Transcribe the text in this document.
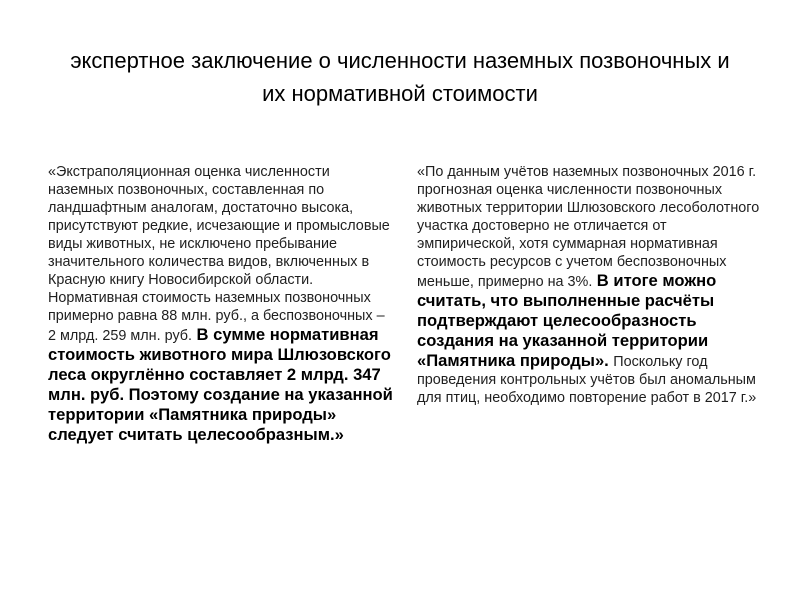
экспертное заключение о численности наземных позвоночных и их нормативной стоимости

«Экстраполяционная оценка численности наземных позвоночных, составленная по ландшафтным аналогам, достаточно высока, присутствуют редкие, исчезающие и промысловые виды животных, не исключено пребывание значительного количества видов, включенных в Красную книгу Новосибирской области. Нормативная стоимость наземных позвоночных примерно равна 88 млн. руб., а беспозвоночных – 2 млрд. 259 млн. руб. В сумме нормативная стоимость животного мира Шлюзовского леса округлённо составляет 2 млрд. 347 млн. руб. Поэтому создание на указанной территории «Памятника природы» следует считать целесообразным.»

«По данным учётов наземных позвоночных 2016 г. прогнозная оценка численности позвоночных животных территории Шлюзовского лесоболотного участка достоверно не отличается от эмпирической, хотя суммарная нормативная стоимость ресурсов с учетом беспозвоночных меньше, примерно на 3%. В итоге можно считать, что выполненные расчёты подтверждают целесообразность создания на указанной территории «Памятника природы». Поскольку год проведения контрольных учётов был аномальным для птиц, необходимо повторение работ в 2017 г.»
